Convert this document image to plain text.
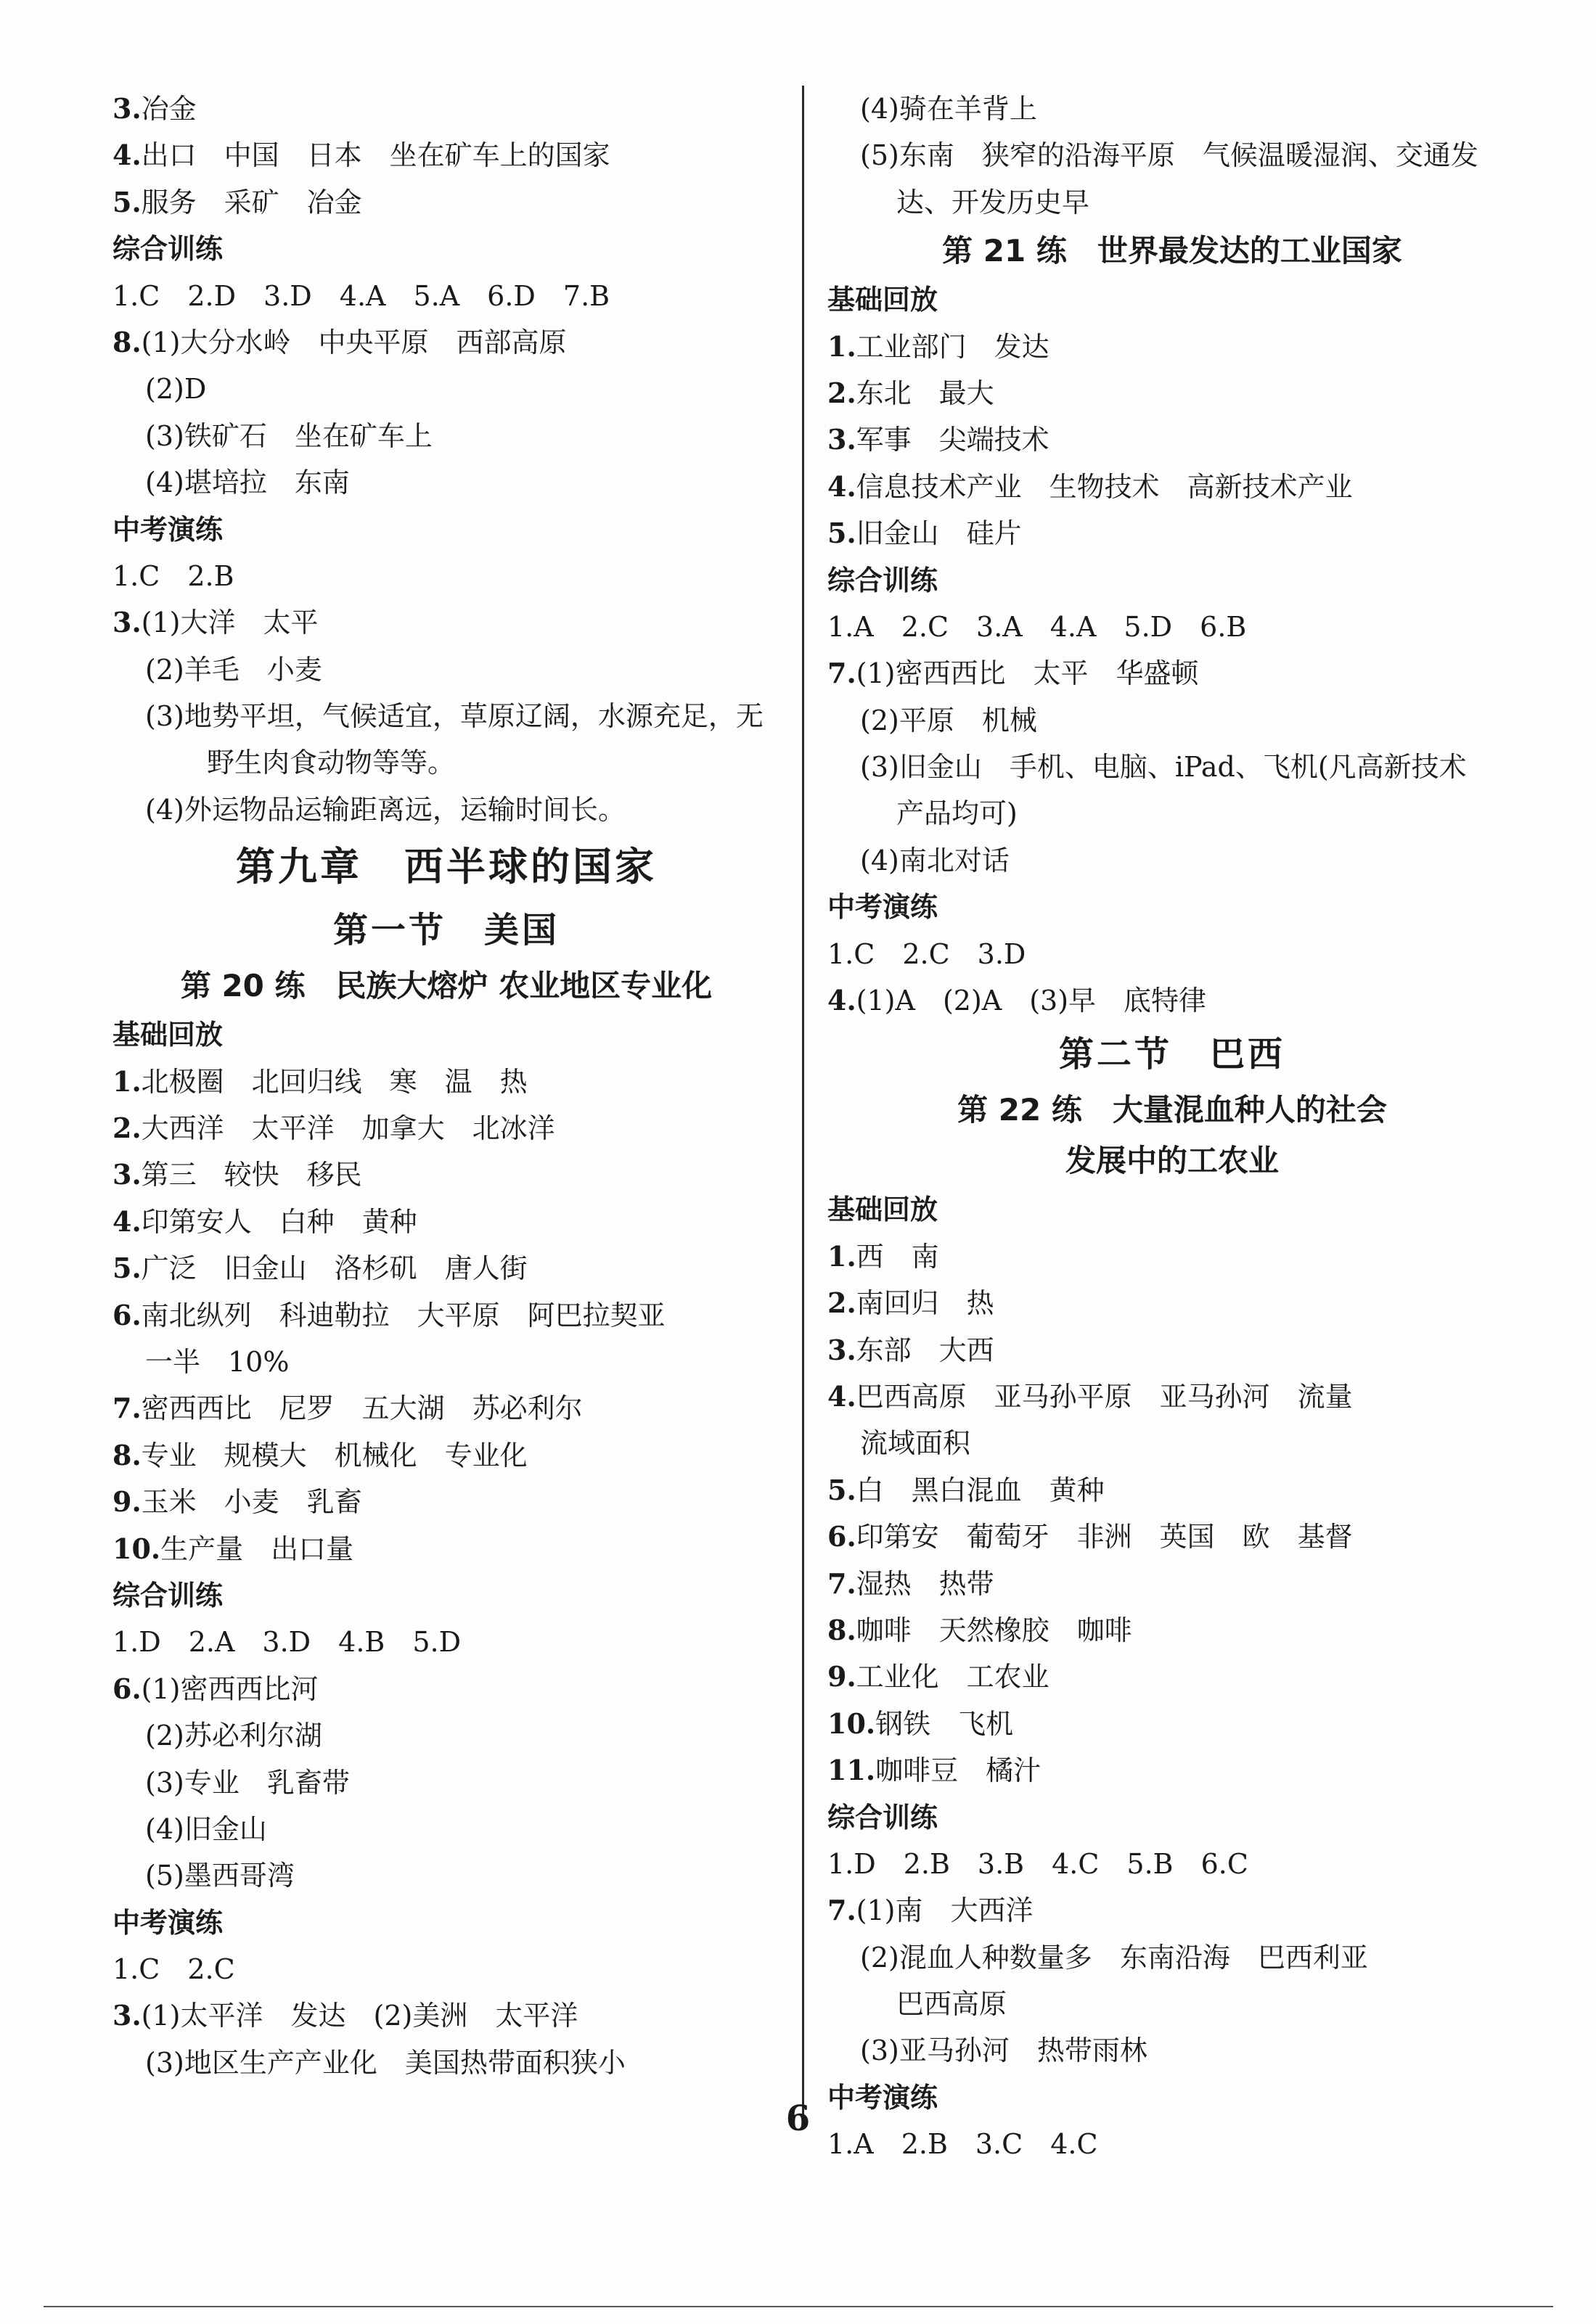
3.冶金
4.出口　中国　日本　坐在矿车上的国家
5.服务　采矿　冶金
综合训练
1.C　2.D　3.D　4.A　5.A　6.D　7.B
8.(1)大分水岭　中央平原　西部高原
(2)D
(3)铁矿石　坐在矿车上
(4)堪培拉　东南
中考演练
1.C　2.B
3.(1)大洋　太平
(2)羊毛　小麦
(3)地势平坦，气候适宜，草原辽阔，水源充足，无
野生肉食动物等等。
(4)外运物品运输距离远，运输时间长。
第九章　西半球的国家
第一节　美国
第 20 练　民族大熔炉 农业地区专业化
基础回放
1.北极圈　北回归线　寒　温　热
2.大西洋　太平洋　加拿大　北冰洋
3.第三　较快　移民
4.印第安人　白种　黄种
5.广泛　旧金山　洛杉矶　唐人街
6.南北纵列　科迪勒拉　大平原　阿巴拉契亚
一半　10%
7.密西西比　尼罗　五大湖　苏必利尔
8.专业　规模大　机械化　专业化
9.玉米　小麦　乳畜
10.生产量　出口量
综合训练
1.D　2.A　3.D　4.B　5.D
6.(1)密西西比河
(2)苏必利尔湖
(3)专业　乳畜带
(4)旧金山
(5)墨西哥湾
中考演练
1.C　2.C
3.(1)太平洋　发达　(2)美洲　太平洋
(3)地区生产产业化　美国热带面积狭小
(4)骑在羊背上
(5)东南　狭窄的沿海平原　气候温暖湿润、交通发
达、开发历史早
第 21 练　世界最发达的工业国家
基础回放
1.工业部门　发达
2.东北　最大
3.军事　尖端技术
4.信息技术产业　生物技术　高新技术产业
5.旧金山　硅片
综合训练
1.A　2.C　3.A　4.A　5.D　6.B
7.(1)密西西比　太平　华盛顿
(2)平原　机械
(3)旧金山　手机、电脑、iPad、飞机(凡高新技术
产品均可)
(4)南北对话
中考演练
1.C　2.C　3.D
4.(1)A　(2)A　(3)早　底特律
第二节　巴西
第 22 练　大量混血种人的社会
发展中的工农业
基础回放
1.西　南
2.南回归　热
3.东部　大西
4.巴西高原　亚马孙平原　亚马孙河　流量
流域面积
5.白　黑白混血　黄种
6.印第安　葡萄牙　非洲　英国　欧　基督
7.湿热　热带
8.咖啡　天然橡胶　咖啡
9.工业化　工农业
10.钢铁　飞机
11.咖啡豆　橘汁
综合训练
1.D　2.B　3.B　4.C　5.B　6.C
7.(1)南　大西洋
(2)混血人种数量多　东南沿海　巴西利亚
巴西高原
(3)亚马孙河　热带雨林
中考演练
1.A　2.B　3.C　4.C
6
